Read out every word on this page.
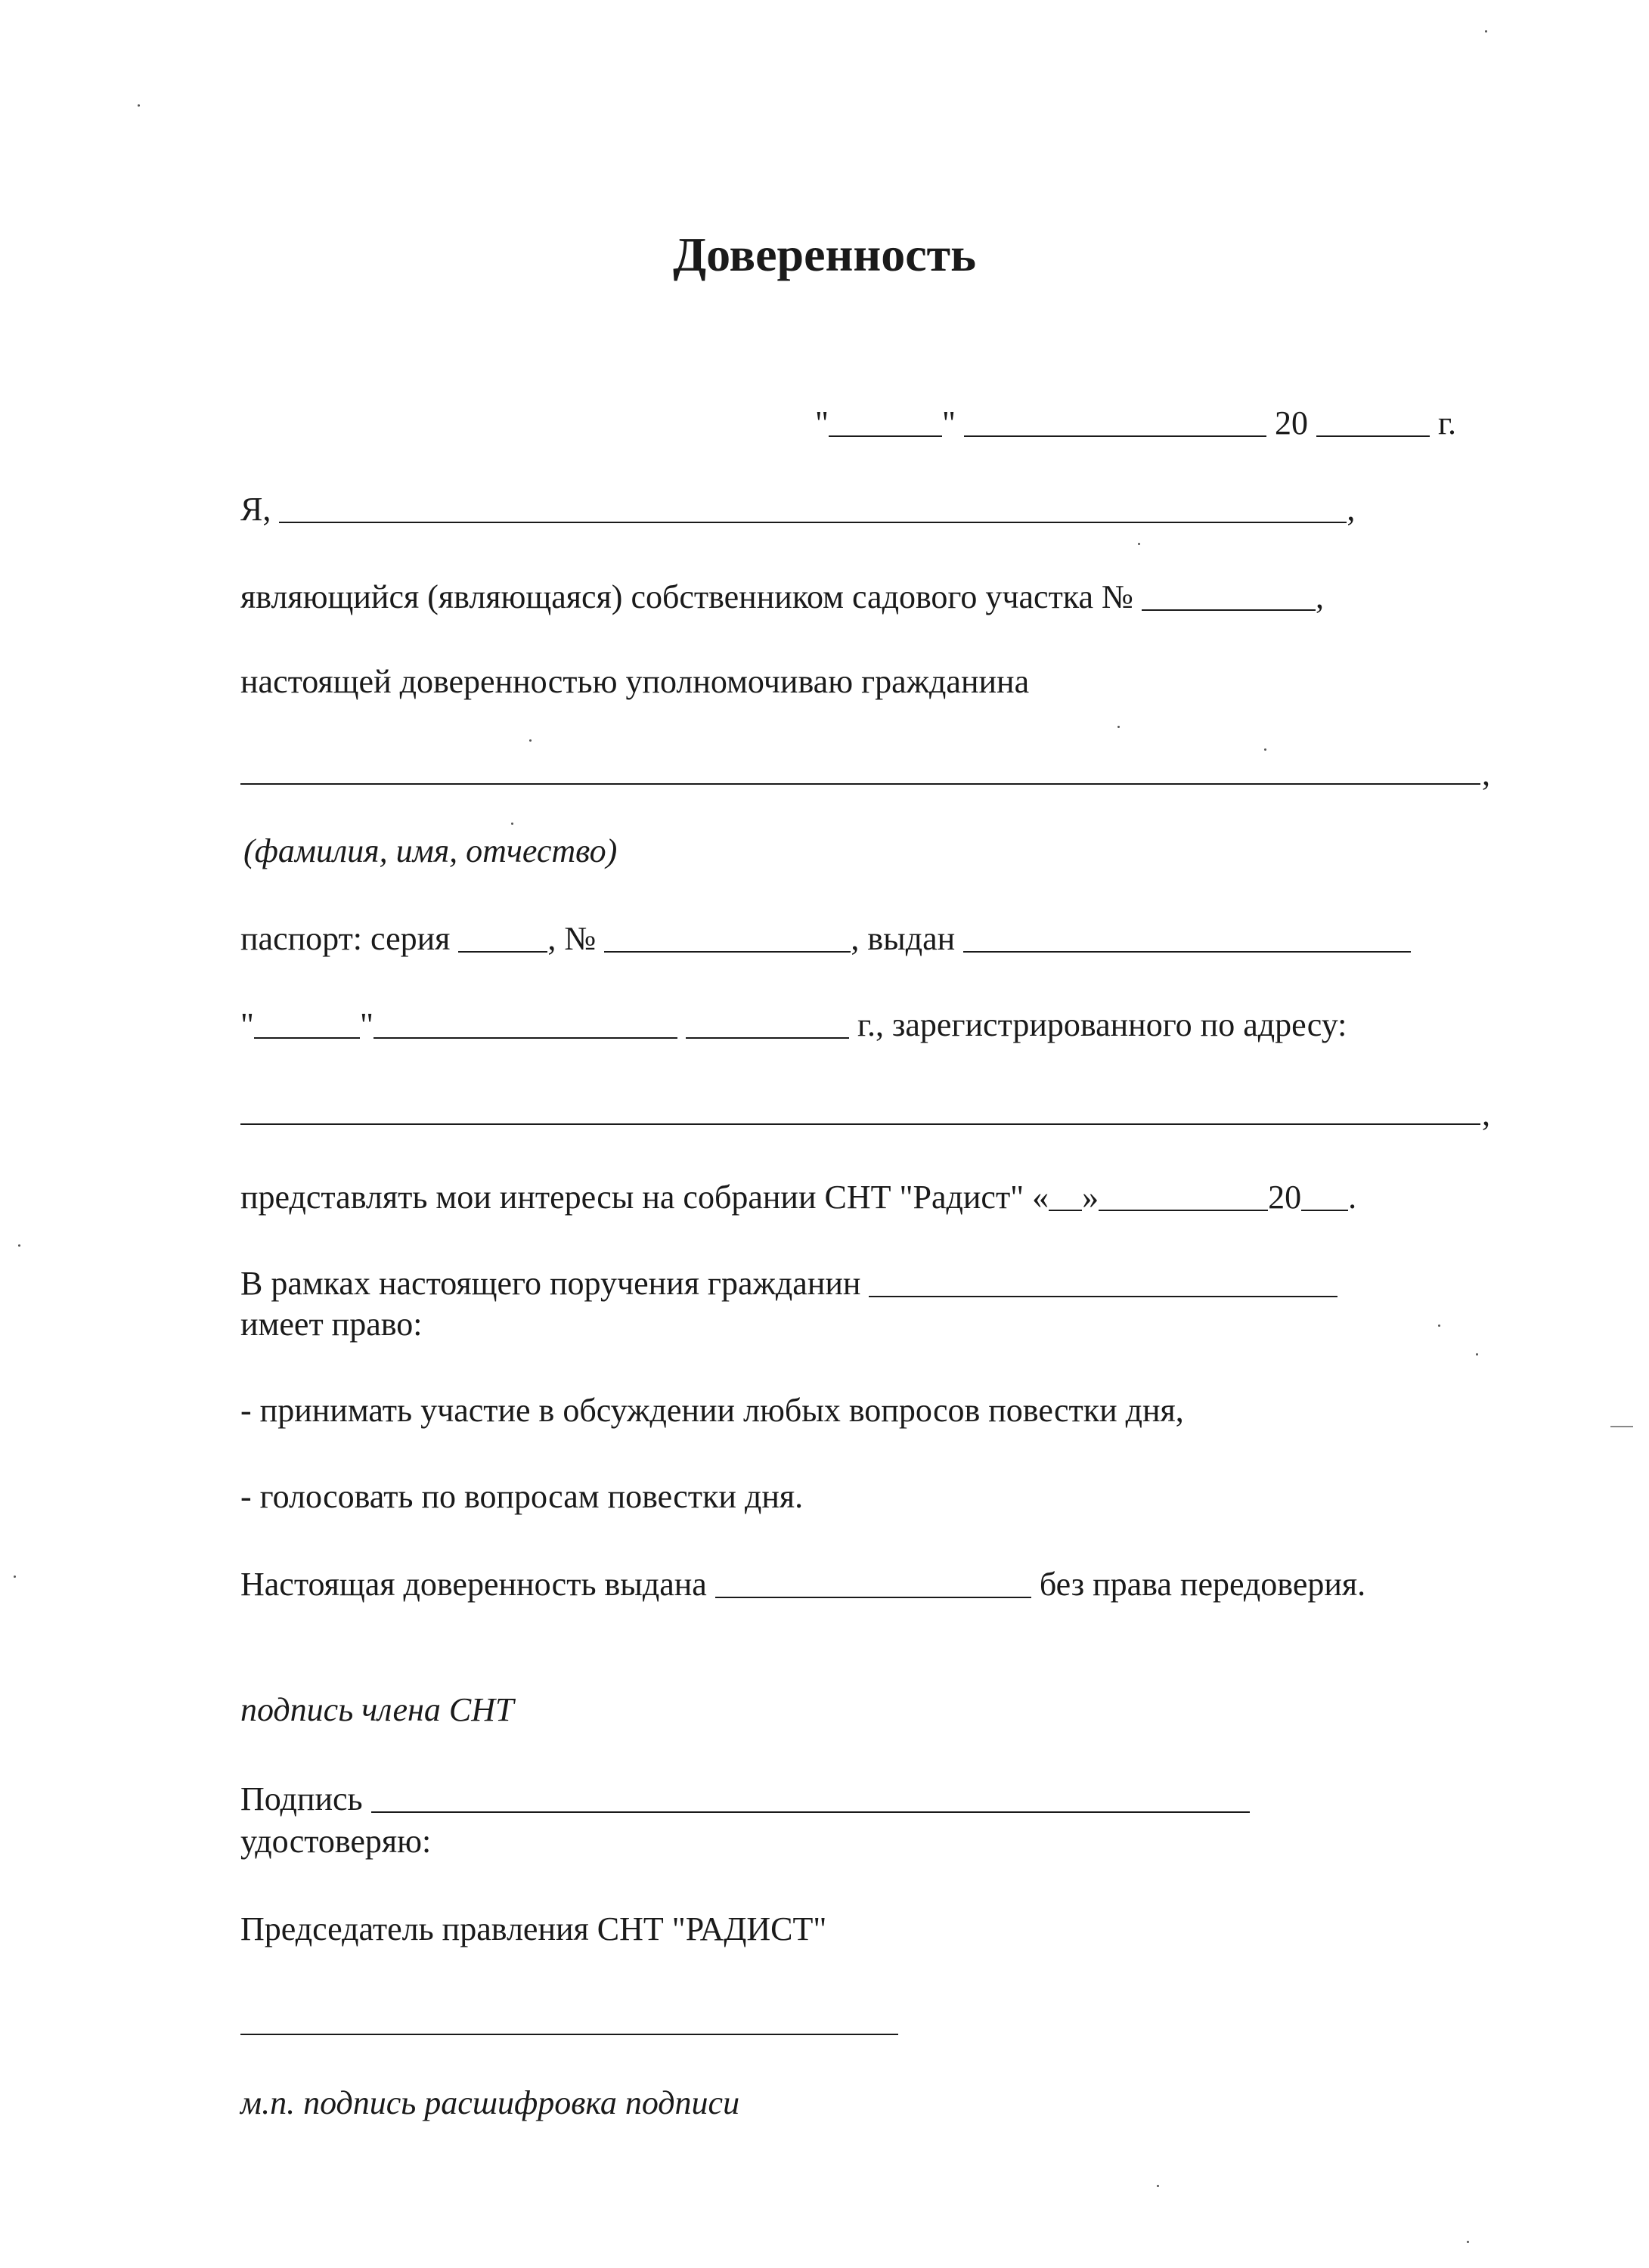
Доверенность
"	"	20	г.
Я,	,
являющийся (являющаяся) собственником садового участка №	,
настоящей доверенностью уполномочиваю гражданина
,
(фамилия, имя, отчество)
паспорт: серия	, №	, выдан
"	"	г., зарегистрированного по адресу:
,
представлять мои интересы на собрании СНТ "Радист" « »	20 .
В рамках настоящего поручения гражданин
имеет право:
- принимать участие в обсуждении любых вопросов повестки дня,
- голосовать по вопросам повестки дня.
Настоящая доверенность выдана	без права передоверия.
подпись члена СНТ
Подпись
удостоверяю:
Председатель правления СНТ "РАДИСТ"
м.п. подпись расшифровка подписи
